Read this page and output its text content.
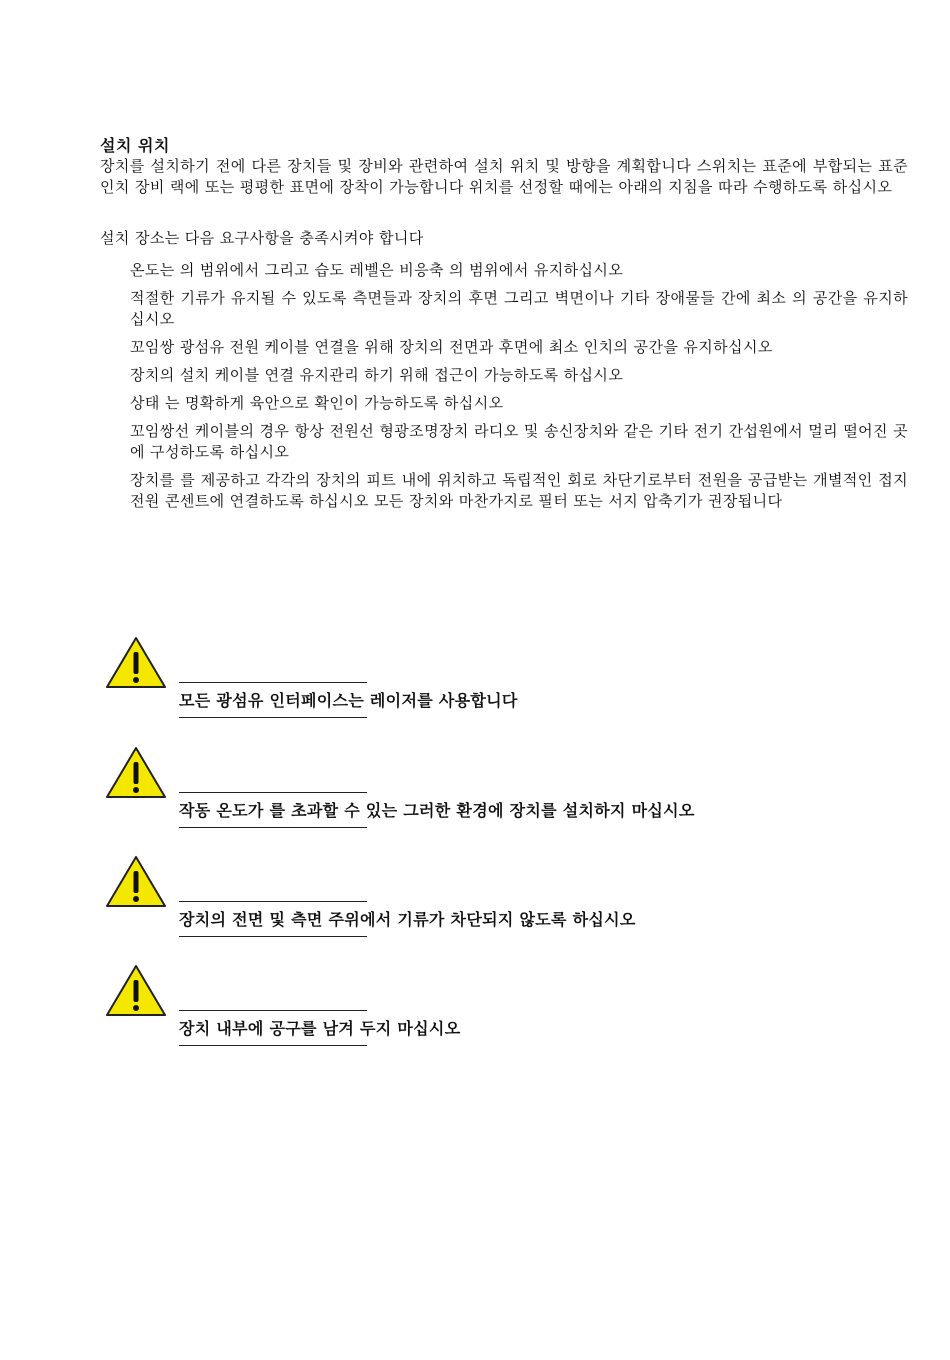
설치 위치
장치를 설치하기 전에 다른 장치들 및 장비와 관련하여 설치 위치 및 방향을 계획합니다 스위치는 표준에 부합되는 표준 인치 장비 랙에 또는 평평한 표면에 장착이 가능합니다 위치를 선정할 때에는 아래의 지침을 따라 수행하도록 하십시오
설치 장소는 다음 요구사항을 충족시켜야 합니다
온도는 의 범위에서 그리고 습도 레벨은 비응축 의 범위에서 유지하십시오
적절한 기류가 유지될 수 있도록 측면들과 장치의 후면 그리고 벽면이나 기타 장애물들 간에 최소 의 공간을 유지하십시오
꼬임쌍 광섬유 전원 케이블 연결을 위해 장치의 전면과 후면에 최소 인치의 공간을 유지하십시오
장치의 설치 케이블 연결 유지관리 하기 위해 접근이 가능하도록 하십시오
상태 는 명확하게 육안으로 확인이 가능하도록 하십시오
꼬임쌍선 케이블의 경우 항상 전원선 형광조명장치 라디오 및 송신장치와 같은 기타 전기 간섭원에서 멀리 떨어진 곳에 구성하도록 하십시오
장치를 를 제공하고 각각의 장치의 피트 내에 위치하고 독립적인 회로 차단기로부터 전원을 공급받는 개별적인 접지 전원 콘센트에 연결하도록 하십시오 모든 장치와 마찬가지로 필터 또는 서지 압축기가 권장됩니다
모든 광섬유 인터페이스는 레이저를 사용합니다
작동 온도가 를 초과할 수 있는 그러한 환경에 장치를 설치하지 마십시오
장치의 전면 및 측면 주위에서 기류가 차단되지 않도록 하십시오
장치 내부에 공구를 남겨 두지 마십시오
